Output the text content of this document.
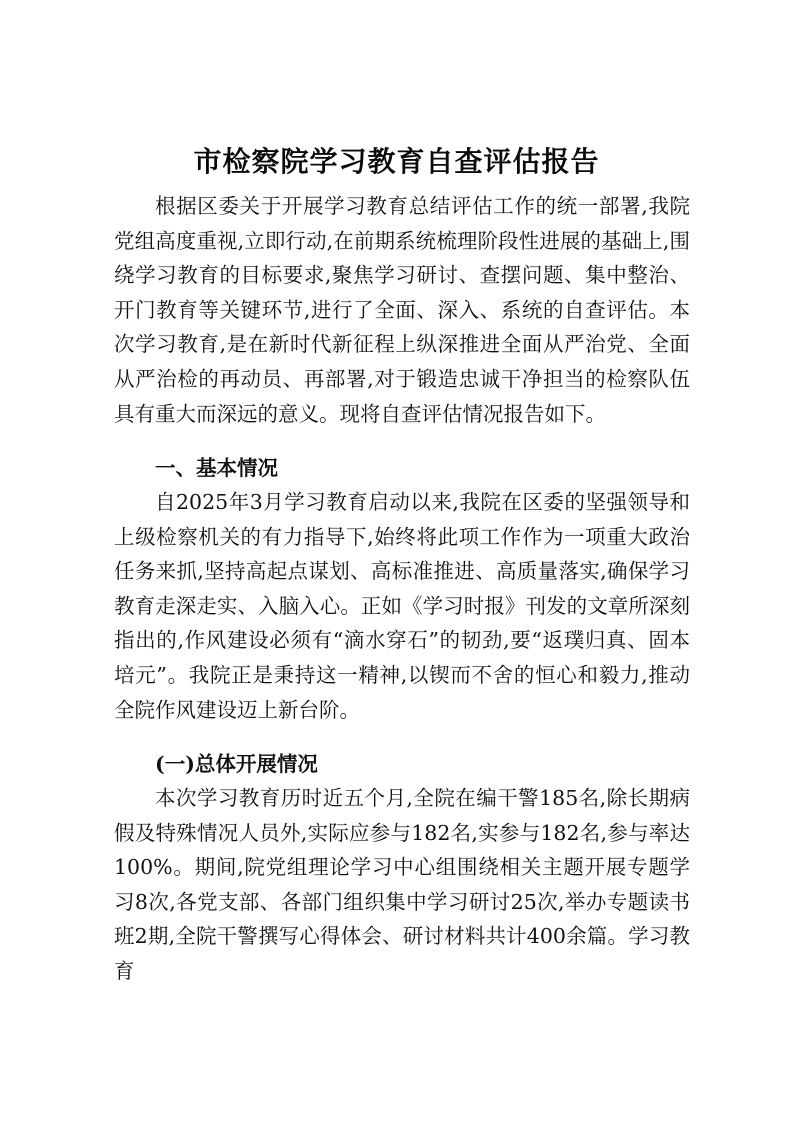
市检察院学习教育自查评估报告

根据区委关于开展学习教育总结评估工作的统一部署,我院党组高度重视,立即行动,在前期系统梳理阶段性进展的基础上,围绕学习教育的目标要求,聚焦学习研讨、查摆问题、集中整治、开门教育等关键环节,进行了全面、深入、系统的自查评估。本次学习教育,是在新时代新征程上纵深推进全面从严治党、全面从严治检的再动员、再部署,对于锻造忠诚干净担当的检察队伍具有重大而深远的意义。现将自查评估情况报告如下。

一、基本情况

自2025年3月学习教育启动以来,我院在区委的坚强领导和上级检察机关的有力指导下,始终将此项工作作为一项重大政治任务来抓,坚持高起点谋划、高标准推进、高质量落实,确保学习教育走深走实、入脑入心。正如《学习时报》刊发的文章所深刻指出的,作风建设必须有“滴水穿石”的韧劲,要“返璞归真、固本培元”。我院正是秉持这一精神,以锲而不舍的恒心和毅力,推动全院作风建设迈上新台阶。

(一)总体开展情况

本次学习教育历时近五个月,全院在编干警185名,除长期病假及特殊情况人员外,实际应参与182名,实参与182名,参与率达100%。期间,院党组理论学习中心组围绕相关主题开展专题学习8次,各党支部、各部门组织集中学习研讨25次,举办专题读书班2期,全院干警撰写心得体会、研讨材料共计400余篇。学习教育
